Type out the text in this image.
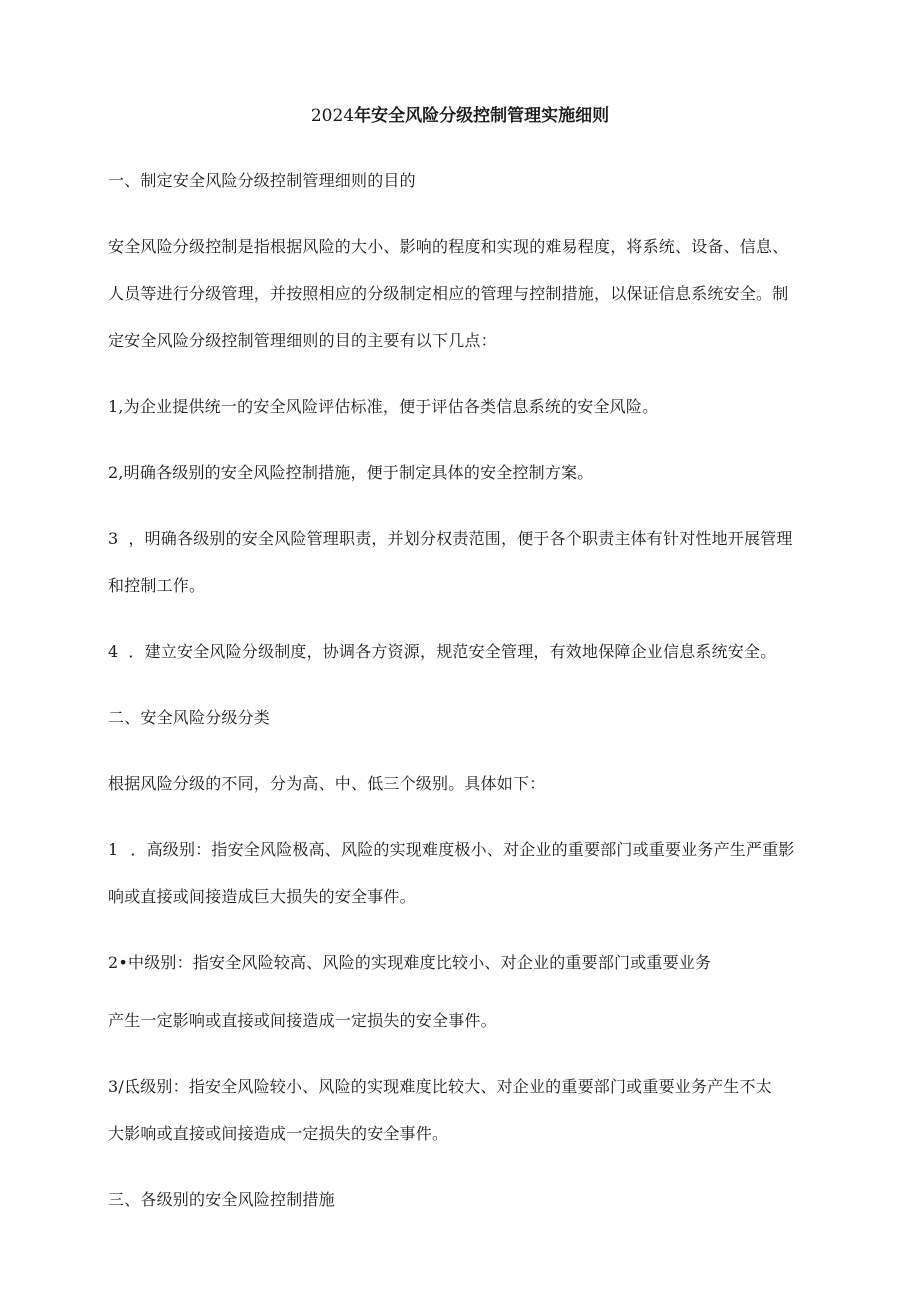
2024年安全风险分级控制管理实施细则
一、制定安全风险分级控制管理细则的目的
安全风险分级控制是指根据风险的大小、影响的程度和实现的难易程度，将系统、设备、信息、
人员等进行分级管理，并按照相应的分级制定相应的管理与控制措施，以保证信息系统安全。制
定安全风险分级控制管理细则的目的主要有以下几点：
1,为企业提供统一的安全风险评估标准，便于评估各类信息系统的安全风险。
2,明确各级别的安全风险控制措施，便于制定具体的安全控制方案。
3 ，明确各级别的安全风险管理职责，并划分权责范围，便于各个职责主体有针对性地开展管理
和控制工作。
4 ．建立安全风险分级制度，协调各方资源，规范安全管理，有效地保障企业信息系统安全。
二、安全风险分级分类
根据风险分级的不同，分为高、中、低三个级别。具体如下：
1 ．高级别：指安全风险极高、风险的实现难度极小、对企业的重要部门或重要业务产生严重影
响或直接或间接造成巨大损失的安全事件。
2•中级别：指安全风险较高、风险的实现难度比较小、对企业的重要部门或重要业务
产生一定影响或直接或间接造成一定损失的安全事件。
3/氐级别：指安全风险较小、风险的实现难度比较大、对企业的重要部门或重要业务产生不太
大影响或直接或间接造成一定损失的安全事件。
三、各级别的安全风险控制措施
